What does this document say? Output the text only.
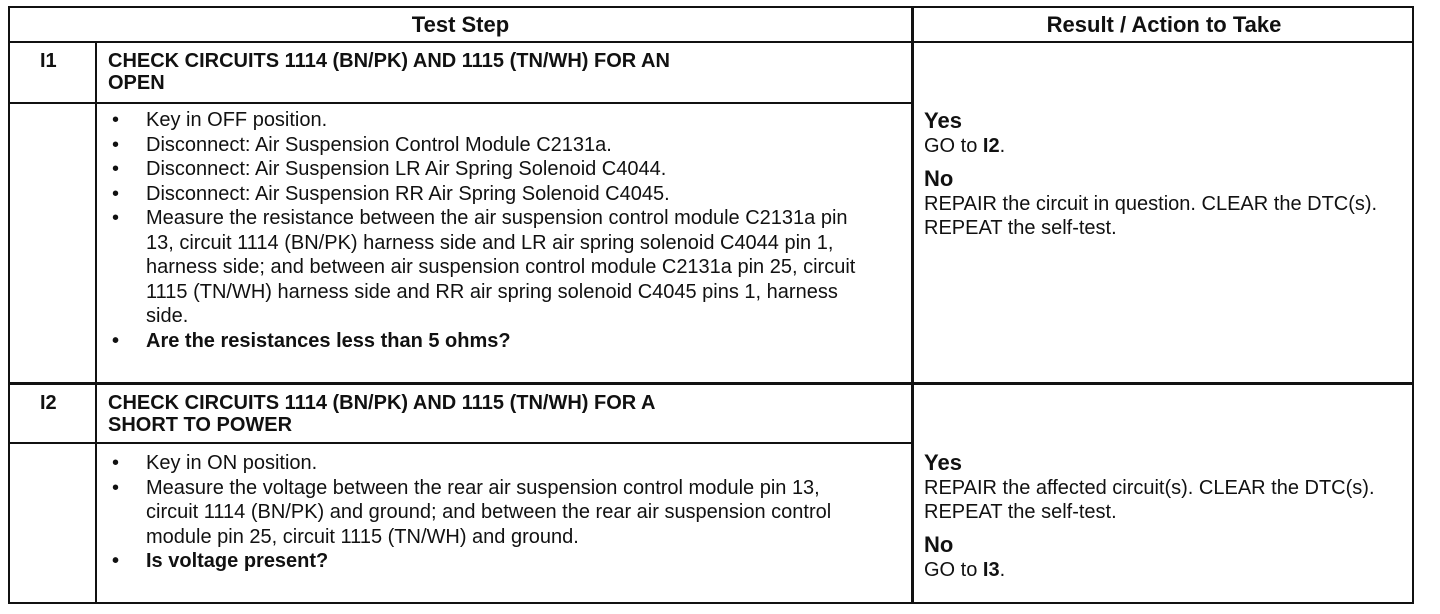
Test Step	Result / Action to Take
I1	CHECK CIRCUITS 1114 (BN/PK) AND 1115 (TN/WH) FOR AN
OPEN
• Key in OFF position.
• Disconnect: Air Suspension Control Module C2131a.
• Disconnect: Air Suspension LR Air Spring Solenoid C4044.
• Disconnect: Air Suspension RR Air Spring Solenoid C4045.
• Measure the resistance between the air suspension control module C2131a pin 13, circuit 1114 (BN/PK) harness side and LR air spring solenoid C4044 pin 1, harness side; and between air suspension control module C2131a pin 25, circuit 1115 (TN/WH) harness side and RR air spring solenoid C4045 pins 1, harness side.
• Are the resistances less than 5 ohms?
Yes
GO to I2.
No
REPAIR the circuit in question. CLEAR the DTC(s). REPEAT the self-test.
I2	CHECK CIRCUITS 1114 (BN/PK) AND 1115 (TN/WH) FOR A
SHORT TO POWER
• Key in ON position.
• Measure the voltage between the rear air suspension control module pin 13, circuit 1114 (BN/PK) and ground; and between the rear air suspension control module pin 25, circuit 1115 (TN/WH) and ground.
• Is voltage present?
Yes
REPAIR the affected circuit(s). CLEAR the DTC(s). REPEAT the self-test.
No
GO to I3.
